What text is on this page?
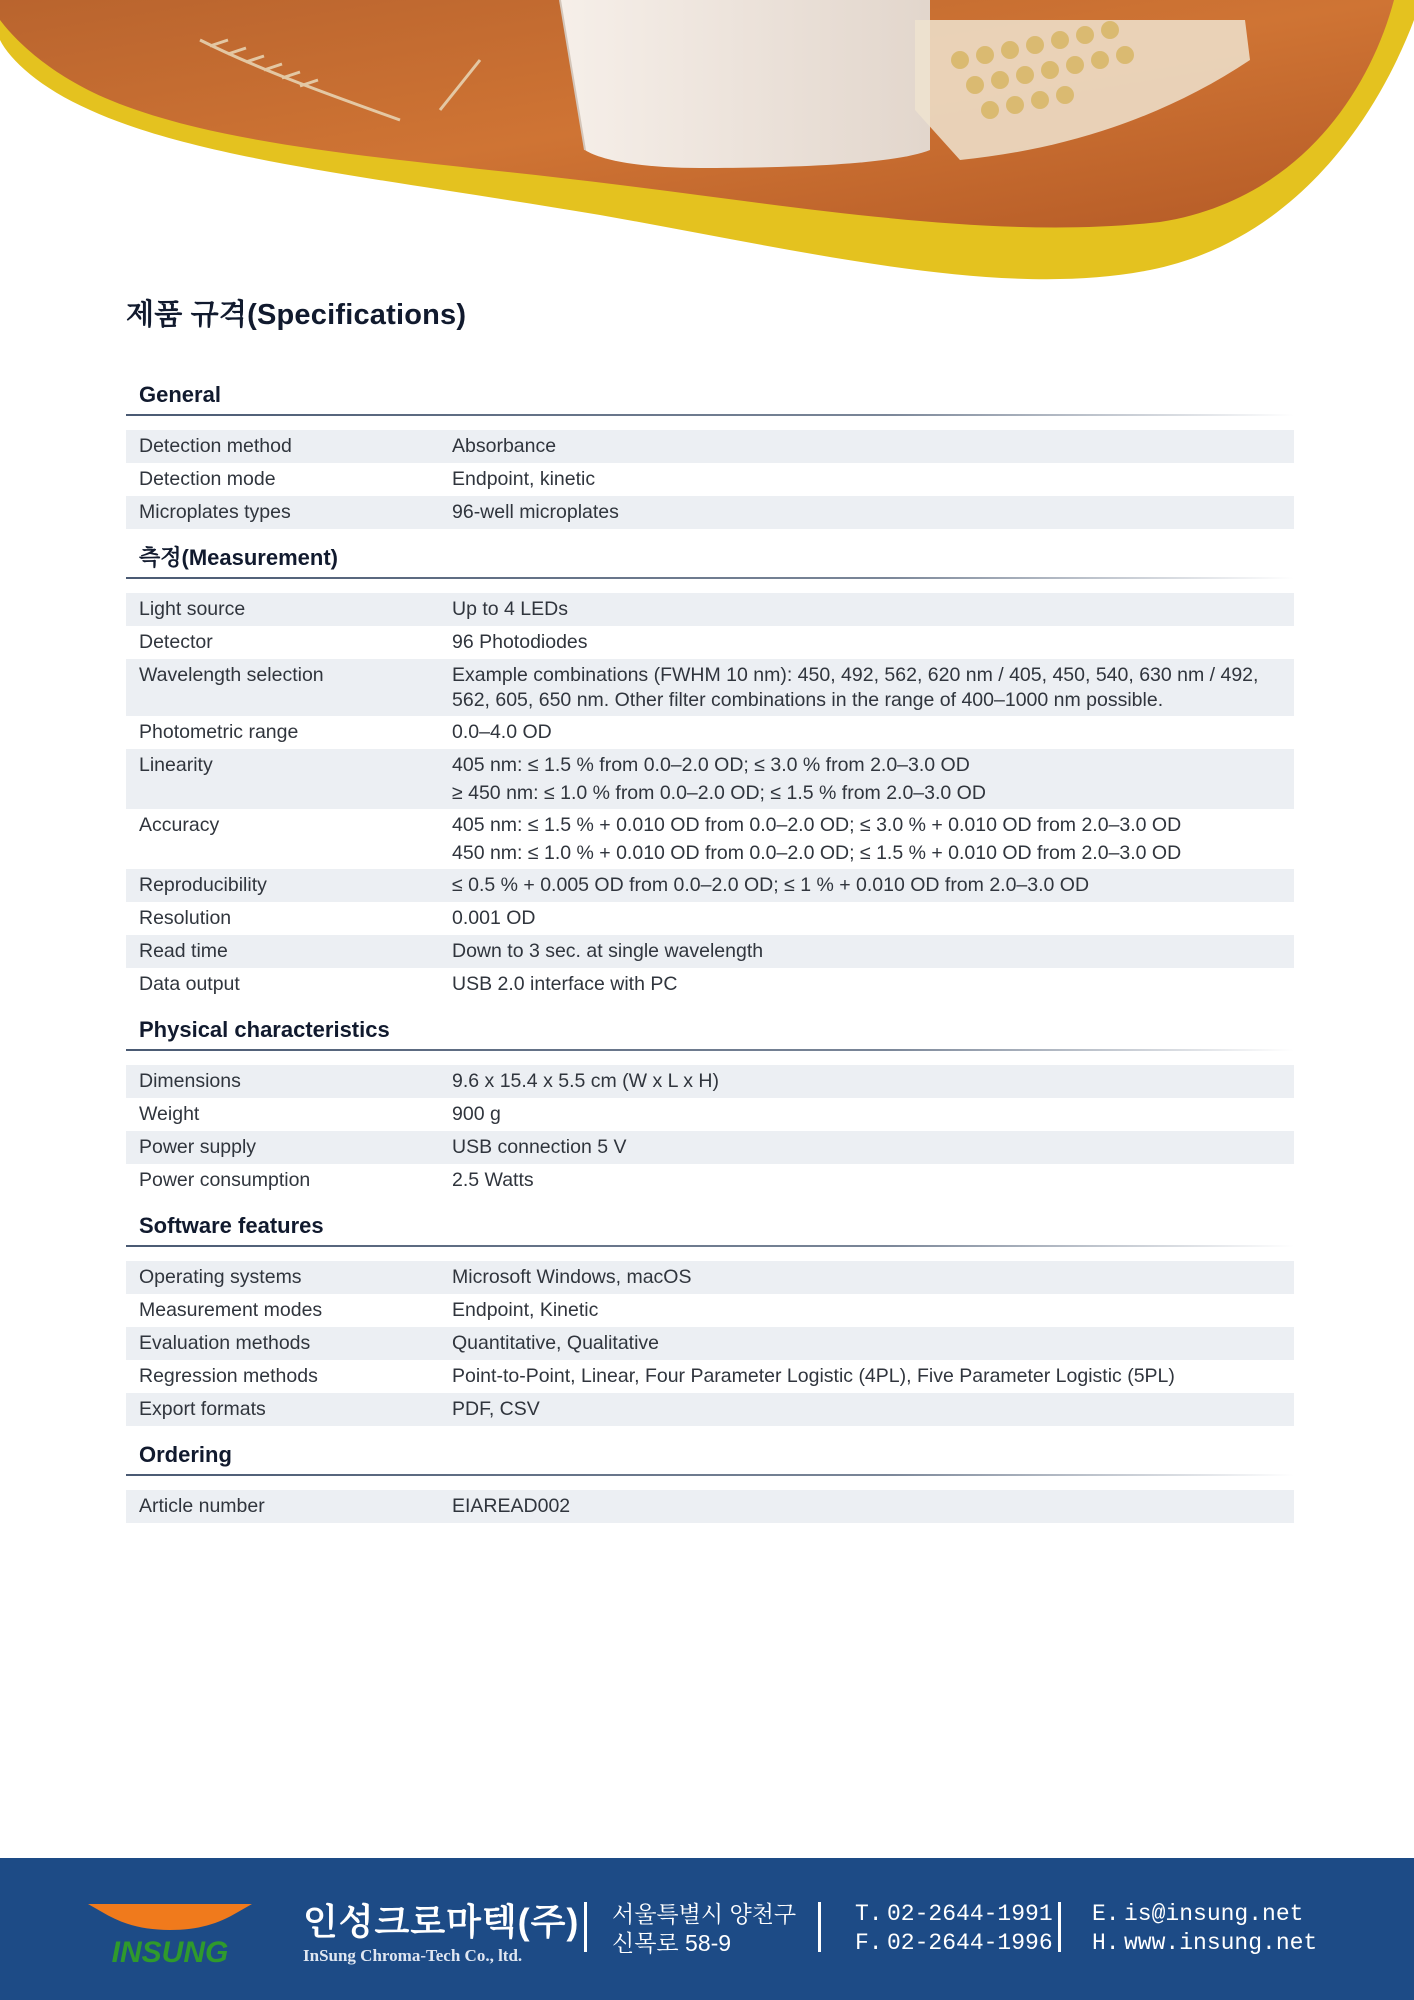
제품 규격(Specifications)
General
Detection method	Absorbance
Detection mode	Endpoint, kinetic
Microplates types	96-well microplates
측정(Measurement)
Light source	Up to 4 LEDs
Detector	96 Photodiodes
Wavelength selection	Example combinations (FWHM 10 nm): 450, 492, 562, 620 nm / 405, 450, 540, 630 nm / 492, 562, 605, 650 nm. Other filter combinations in the range of 400–1000 nm possible.
Photometric range	0.0–4.0 OD
Linearity	405 nm: ≤ 1.5 % from 0.0–2.0 OD; ≤ 3.0 % from 2.0–3.0 OD
≥ 450 nm: ≤ 1.0 % from 0.0–2.0 OD; ≤ 1.5 % from 2.0–3.0 OD
Accuracy	405 nm: ≤ 1.5 % + 0.010 OD from 0.0–2.0 OD; ≤ 3.0 % + 0.010 OD from 2.0–3.0 OD
450 nm: ≤ 1.0 % + 0.010 OD from 0.0–2.0 OD; ≤ 1.5 % + 0.010 OD from 2.0–3.0 OD
Reproducibility	≤ 0.5 % + 0.005 OD from 0.0–2.0 OD; ≤ 1 % + 0.010 OD from 2.0–3.0 OD
Resolution	0.001 OD
Read time	Down to 3 sec. at single wavelength
Data output	USB 2.0 interface with PC
Physical characteristics
Dimensions	9.6 x 15.4 x 5.5 cm (W x L x H)
Weight	900 g
Power supply	USB connection 5 V
Power consumption	2.5 Watts
Software features
Operating systems	Microsoft Windows, macOS
Measurement modes	Endpoint, Kinetic
Evaluation methods	Quantitative, Qualitative
Regression methods	Point-to-Point, Linear, Four Parameter Logistic (4PL), Five Parameter Logistic (5PL)
Export formats	PDF, CSV
Ordering
Article number	EIAREAD002
INSUNG
인성크로마텍(주)
InSung Chroma-Tech Co., ltd.
서울특별시 양천구
신목로 58-9
T. 02-2644-1991
F. 02-2644-1996
E. is@insung.net
H. www.insung.net
